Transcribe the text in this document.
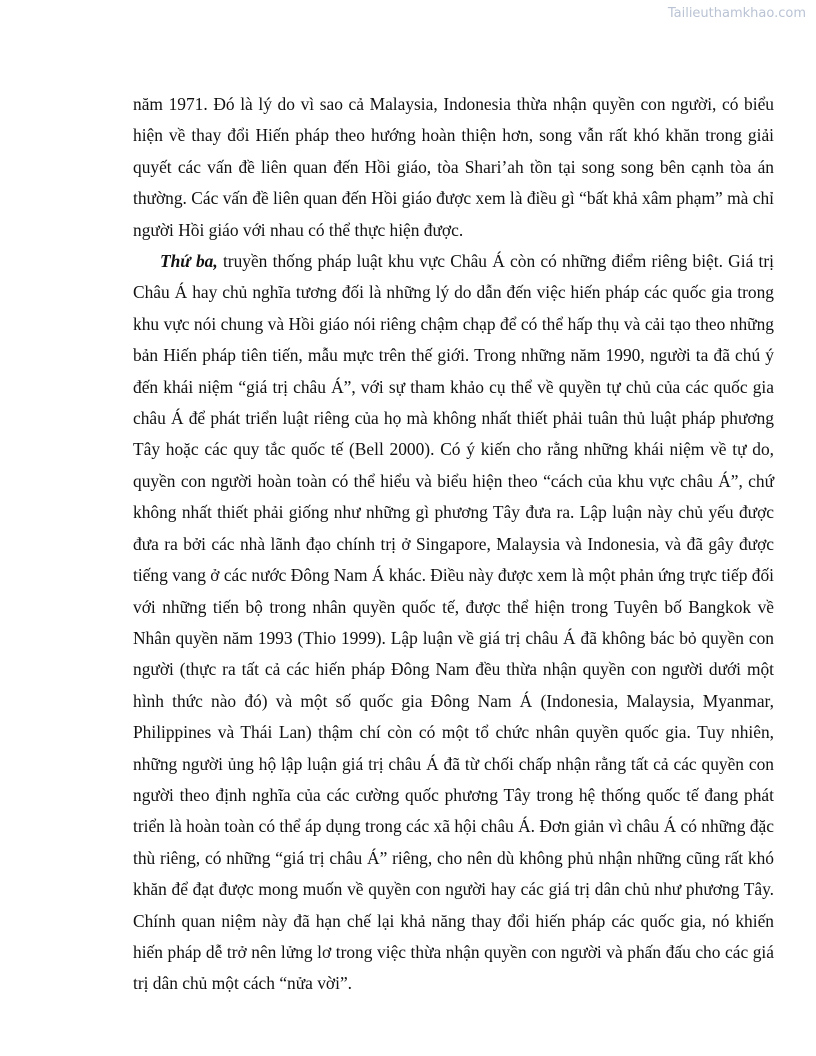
Tailieuthamkhao.com

năm 1971. Đó là lý do vì sao cả Malaysia, Indonesia thừa nhận quyền con người, có biểu hiện về thay đổi Hiến pháp theo hướng hoàn thiện hơn, song vẫn rất khó khăn trong giải quyết các vấn đề liên quan đến Hồi giáo, tòa Shari’ah tồn tại song song bên cạnh tòa án thường. Các vấn đề liên quan đến Hồi giáo được xem là điều gì “bất khả xâm phạm” mà chỉ người Hồi giáo với nhau có thể thực hiện được.

Thứ ba, truyền thống pháp luật khu vực Châu Á còn có những điểm riêng biệt. Giá trị Châu Á hay chủ nghĩa tương đối là những lý do dẫn đến việc hiến pháp các quốc gia trong khu vực nói chung và Hồi giáo nói riêng chậm chạp để có thể hấp thụ và cải tạo theo những bản Hiến pháp tiên tiến, mẫu mực trên thế giới. Trong những năm 1990, người ta đã chú ý đến khái niệm “giá trị châu Á”, với sự tham khảo cụ thể về quyền tự chủ của các quốc gia châu Á để phát triển luật riêng của họ mà không nhất thiết phải tuân thủ luật pháp phương Tây hoặc các quy tắc quốc tế (Bell 2000). Có ý kiến cho rằng những khái niệm về tự do, quyền con người hoàn toàn có thể hiểu và biểu hiện theo “cách của khu vực châu Á”, chứ không nhất thiết phải giống như những gì phương Tây đưa ra. Lập luận này chủ yếu được đưa ra bởi các nhà lãnh đạo chính trị ở Singapore, Malaysia và Indonesia, và đã gây được tiếng vang ở các nước Đông Nam Á khác. Điều này được xem là một phản ứng trực tiếp đối với những tiến bộ trong nhân quyền quốc tế, được thể hiện trong Tuyên bố Bangkok về Nhân quyền năm 1993 (Thio 1999). Lập luận về giá trị châu Á đã không bác bỏ quyền con người (thực ra tất cả các hiến pháp Đông Nam đều thừa nhận quyền con người dưới một hình thức nào đó) và một số quốc gia Đông Nam Á (Indonesia, Malaysia, Myanmar, Philippines và Thái Lan) thậm chí còn có một tổ chức nhân quyền quốc gia. Tuy nhiên, những người ủng hộ lập luận giá trị châu Á đã từ chối chấp nhận rằng tất cả các quyền con người theo định nghĩa của các cường quốc phương Tây trong hệ thống quốc tế đang phát triển là hoàn toàn có thể áp dụng trong các xã hội châu Á. Đơn giản vì châu Á có những đặc thù riêng, có những “giá trị châu Á” riêng, cho nên dù không phủ nhận những cũng rất khó khăn để đạt được mong muốn về quyền con người hay các giá trị dân chủ như phương Tây. Chính quan niệm này đã hạn chế lại khả năng thay đổi hiến pháp các quốc gia, nó khiến hiến pháp dễ trở nên lửng lơ trong việc thừa nhận quyền con người và phấn đấu cho các giá trị dân chủ một cách “nửa vời”.
